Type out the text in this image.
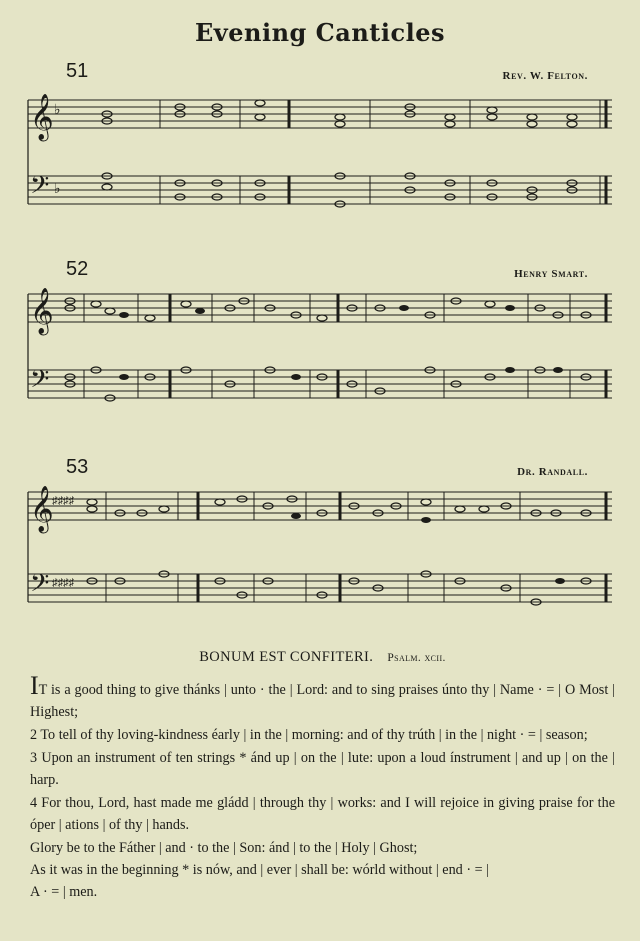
Evening Canticles
51	Rev. W. Felton.
52	Henry Smart.
53	Dr. Randall.
𝄞
𝄢
♭
♭
𝄞
𝄢
𝄞
𝄢
♯♯♯♯
♯♯♯♯
BONUM EST CONFITERI. Psalm. xcii.

IT is a good thing to give thánks | unto · the | Lord: and to sing praises únto thy | Name · = | O Most | Highest;

2 To tell of thy loving-kindness éarly | in the | morning: and of thy trúth | in the | night · = | season;

3 Upon an instrument of ten strings * ánd up | on the | lute: upon a loud ínstrument | and up | on the | harp.

4 For thou, Lord, hast made me gládd | through thy | works: and I will rejoice in giving praise for the óper | ations | of thy | hands.

Glory be to the Fáther | and · to the | Son: ánd | to the | Holy | Ghost;

As it was in the beginning * is nów, and | ever | shall be: wórld without | end · = |

A · = | men.
